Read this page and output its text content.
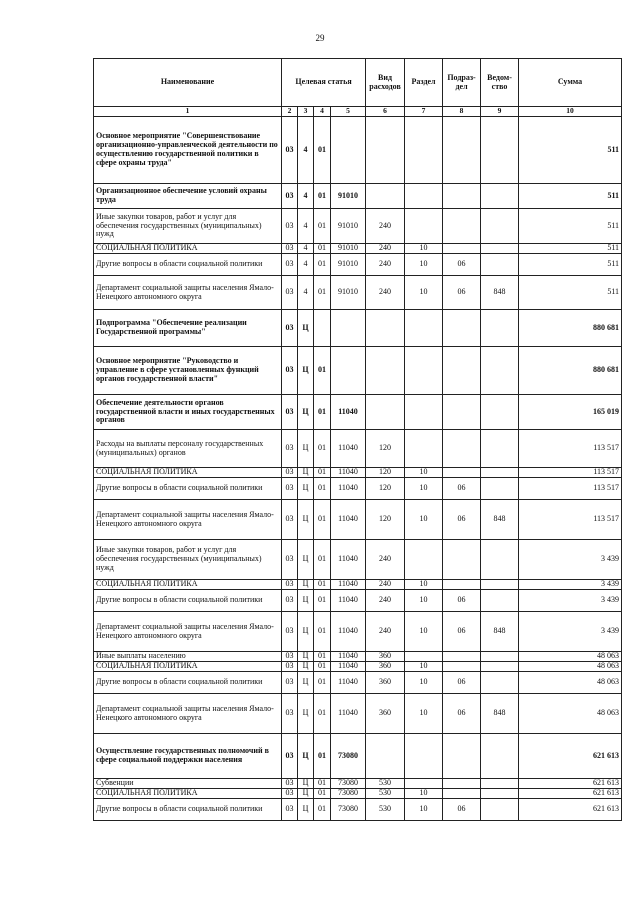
29
Наименование	Целевая статья				Вид расходов	Раздел	Подраз-дел	Ведом-ство	Сумма
1	2	3	4	5	6	7	8	9	10
Основное мероприятие "Совершенствование организационно-управленческой деятельности по осуществлению государственной политики в сфере охраны труда"	03	4	01						511
Организационное обеспечение условий охраны труда	03	4	01	91010					511
Иные закупки товаров, работ и услуг для обеспечения государственных (муниципальных) нужд	03	4	01	91010	240				511
СОЦИАЛЬНАЯ ПОЛИТИКА	03	4	01	91010	240	10			511
Другие вопросы в области социальной политики	03	4	01	91010	240	10	06		511
Департамент социальной защиты населения Ямало-Ненецкого автономного округа	03	4	01	91010	240	10	06	848	511
Подпрограмма "Обеспечение реализации Государственной программы"	03	Ц							880 681
Основное мероприятие "Руководство и управление в сфере установленных функций органов государственной власти"	03	Ц	01						880 681
Обеспечение деятельности органов государственной власти и иных государственных органов	03	Ц	01	11040					165 019
Расходы на выплаты персоналу государственных (муниципальных) органов	03	Ц	01	11040	120				113 517
СОЦИАЛЬНАЯ ПОЛИТИКА	03	Ц	01	11040	120	10			113 517
Другие вопросы в области социальной политики	03	Ц	01	11040	120	10	06		113 517
Департамент социальной защиты населения Ямало-Ненецкого автономного округа	03	Ц	01	11040	120	10	06	848	113 517
Иные закупки товаров, работ и услуг для обеспечения государственных (муниципальных) нужд	03	Ц	01	11040	240				3 439
СОЦИАЛЬНАЯ ПОЛИТИКА	03	Ц	01	11040	240	10			3 439
Другие вопросы в области социальной политики	03	Ц	01	11040	240	10	06		3 439
Департамент социальной защиты населения Ямало-Ненецкого автономного округа	03	Ц	01	11040	240	10	06	848	3 439
Иные выплаты населению	03	Ц	01	11040	360				48 063
СОЦИАЛЬНАЯ ПОЛИТИКА	03	Ц	01	11040	360	10			48 063
Другие вопросы в области социальной политики	03	Ц	01	11040	360	10	06		48 063
Департамент социальной защиты населения Ямало-Ненецкого автономного округа	03	Ц	01	11040	360	10	06	848	48 063
Осуществление государственных полномочий в сфере социальной поддержки населения	03	Ц	01	73080					621 613
Субвенции	03	Ц	01	73080	530				621 613
СОЦИАЛЬНАЯ ПОЛИТИКА	03	Ц	01	73080	530	10			621 613
Другие вопросы в области социальной политики	03	Ц	01	73080	530	10	06		621 613
